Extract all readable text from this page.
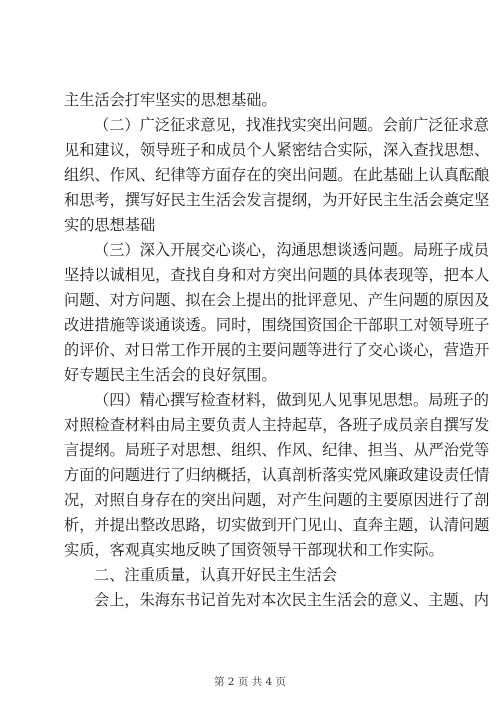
主生活会打牢坚实的思想基础。
（二）广泛征求意见，找准找实突出问题。会前广泛征求意
见和建议，领导班子和成员个人紧密结合实际，深入查找思想、
组织、作风、纪律等方面存在的突出问题。在此基础上认真酝酿
和思考，撰写好民主生活会发言提纲，为开好民主生活会奠定坚
实的思想基础
（三）深入开展交心谈心，沟通思想谈透问题。局班子成员
坚持以诚相见，查找自身和对方突出问题的具体表现等，把本人
问题、对方问题、拟在会上提出的批评意见、产生问题的原因及
改进措施等谈通谈透。同时，围绕国资国企干部职工对领导班子
的评价、对日常工作开展的主要问题等进行了交心谈心，营造开
好专题民主生活会的良好氛围。
（四）精心撰写检查材料，做到见人见事见思想。局班子的
对照检查材料由局主要负责人主持起草，各班子成员亲自撰写发
言提纲。局班子对思想、组织、作风、纪律、担当、从严治党等
方面的问题进行了归纳概括，认真剖析落实党风廉政建设责任情
况，对照自身存在的突出问题，对产生问题的主要原因进行了剖
析，并提出整改思路，切实做到开门见山、直奔主题，认清问题
实质，客观真实地反映了国资领导干部现状和工作实际。
二、注重质量，认真开好民主生活会
会上，朱海东书记首先对本次民主生活会的意义、主题、内
第 2 页 共 4 页
